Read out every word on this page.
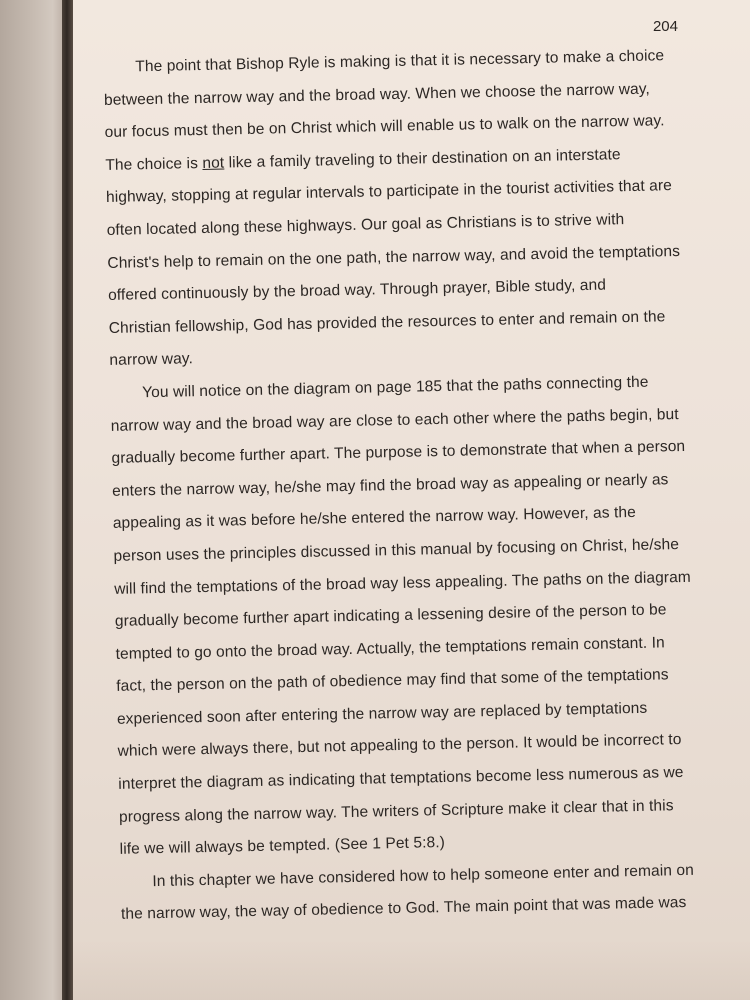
204
The point that Bishop Ryle is making is that it is necessary to make a choice
between the narrow way and the broad way. When we choose the narrow way,
our focus must then be on Christ which will enable us to walk on the narrow way.
The choice is not like a family traveling to their destination on an interstate
highway, stopping at regular intervals to participate in the tourist activities that are
often located along these highways. Our goal as Christians is to strive with
Christ's help to remain on the one path, the narrow way, and avoid the temptations
offered continuously by the broad way. Through prayer, Bible study, and
Christian fellowship, God has provided the resources to enter and remain on the
narrow way.
You will notice on the diagram on page 185 that the paths connecting the
narrow way and the broad way are close to each other where the paths begin, but
gradually become further apart. The purpose is to demonstrate that when a person
enters the narrow way, he/she may find the broad way as appealing or nearly as
appealing as it was before he/she entered the narrow way. However, as the
person uses the principles discussed in this manual by focusing on Christ, he/she
will find the temptations of the broad way less appealing. The paths on the diagram
gradually become further apart indicating a lessening desire of the person to be
tempted to go onto the broad way. Actually, the temptations remain constant. In
fact, the person on the path of obedience may find that some of the temptations
experienced soon after entering the narrow way are replaced by temptations
which were always there, but not appealing to the person. It would be incorrect to
interpret the diagram as indicating that temptations become less numerous as we
progress along the narrow way. The writers of Scripture make it clear that in this
life we will always be tempted. (See 1 Pet 5:8.)
In this chapter we have considered how to help someone enter and remain on
the narrow way, the way of obedience to God. The main point that was made was
